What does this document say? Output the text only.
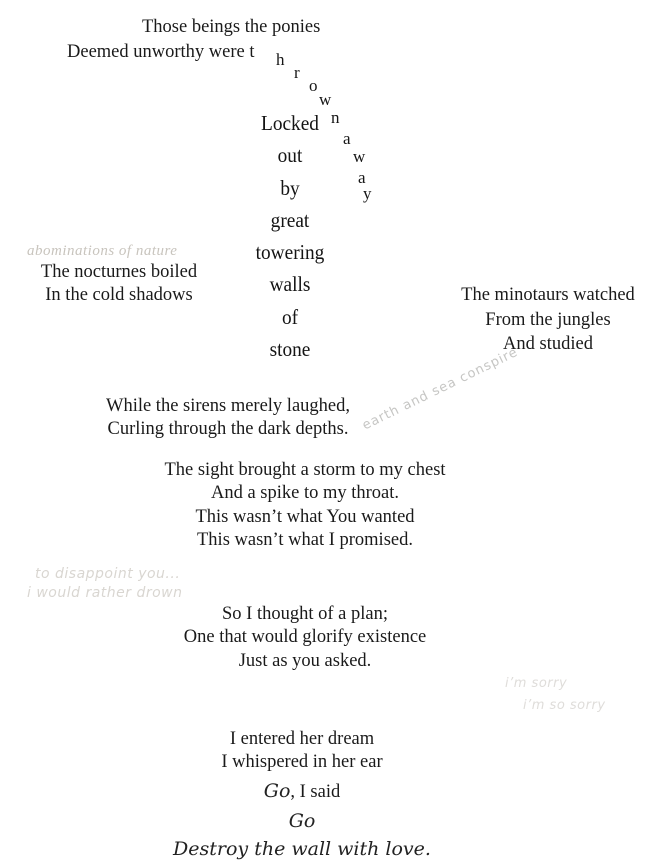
Those beings the ponies
Deemed unworthy were t h
r
o
w
n
a
w
a
y
Locked
out
by
great
towering
walls
of
stone
abominations of nature
The nocturnes boiled
In the cold shadows	The minotaurs watched
From the jungles
And studied
earth and sea conspire
While the sirens merely laughed,
Curling through the dark depths.
The sight brought a storm to my chest
And a spike to my throat.
This wasn’t what You wanted
This wasn’t what I promised.
to disappoint you...
i would rather drown
So I thought of a plan;
One that would glorify existence
Just as you asked.
i’m sorry
i’m so sorry
I entered her dream
I whispered in her ear
Go, I said
Go
Destroy the wall with love.
